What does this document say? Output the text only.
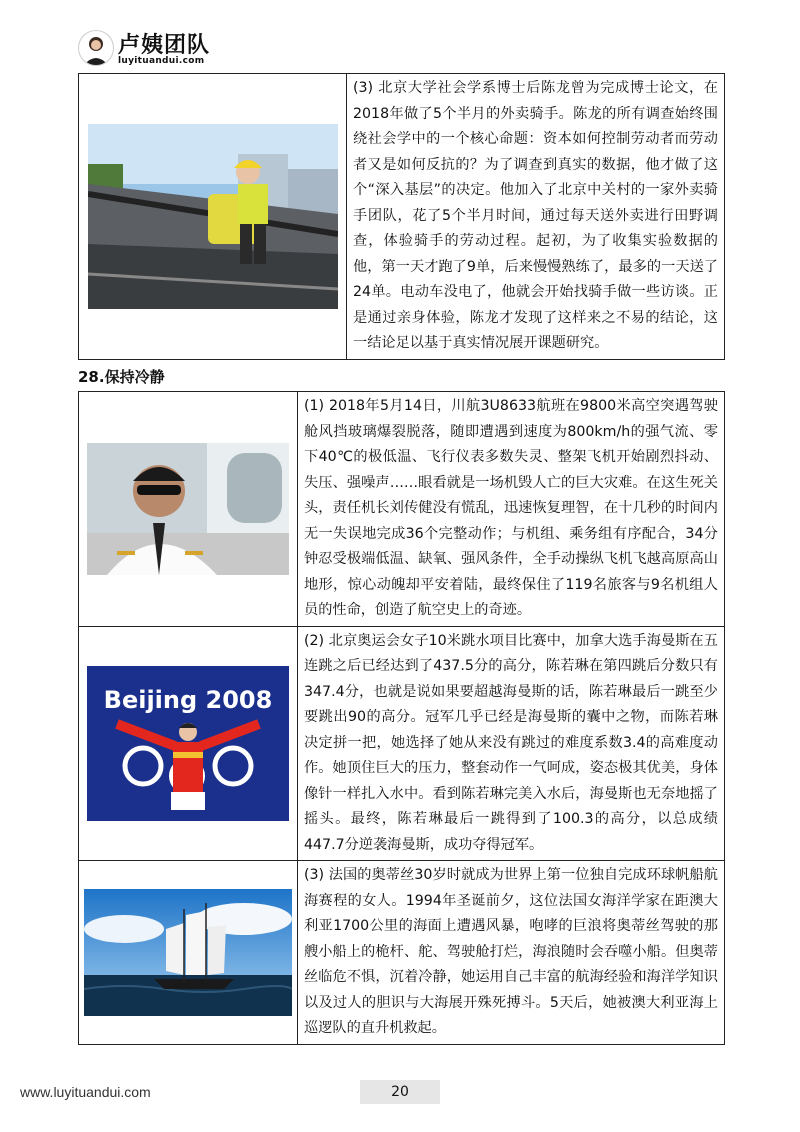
卢姨团队
luyituandui.com
	(3) 北京大学社会学系博士后陈龙曾为完成博士论文，在2018年做了5个半月的外卖骑手。陈龙的所有调查始终围绕社会学中的一个核心命题：资本如何控制劳动者而劳动者又是如何反抗的？为了调查到真实的数据，他才做了这个“深入基层”的决定。他加入了北京中关村的一家外卖骑手团队，花了5个半月时间，通过每天送外卖进行田野调查，体验骑手的劳动过程。起初，为了收集实验数据的他，第一天才跑了9单，后来慢慢熟练了，最多的一天送了24单。电动车没电了，他就会开始找骑手做一些访谈。正是通过亲身体验，陈龙才发现了这样来之不易的结论，这一结论足以基于真实情况展开课题研究。
28.保持冷静
	(1) 2018年5月14日，川航3U8633航班在9800米高空突遇驾驶舱风挡玻璃爆裂脱落，随即遭遇到速度为800km/h的强气流、零下40℃的极低温、飞行仪表多数失灵、整架飞机开始剧烈抖动、失压、强噪声……眼看就是一场机毁人亡的巨大灾难。在这生死关头，责任机长刘传健没有慌乱，迅速恢复理智，在十几秒的时间内无一失误地完成36个完整动作；与机组、乘务组有序配合，34分钟忍受极端低温、缺氧、强风条件，全手动操纵飞机飞越高原高山地形，惊心动魄却平安着陆，最终保住了119名旅客与9名机组人员的性命，创造了航空史上的奇迹。

Beijing 2008	(2) 北京奥运会女子10米跳水项目比赛中，加拿大选手海曼斯在五连跳之后已经达到了437.5分的高分，陈若琳在第四跳后分数只有347.4分，也就是说如果要超越海曼斯的话，陈若琳最后一跳至少要跳出90的高分。冠军几乎已经是海曼斯的囊中之物，而陈若琳决定拼一把，她选择了她从来没有跳过的难度系数3.4的高难度动作。她顶住巨大的压力，整套动作一气呵成，姿态极其优美，身体像针一样扎入水中。看到陈若琳完美入水后，海曼斯也无奈地摇了摇头。最终，陈若琳最后一跳得到了100.3的高分，以总成绩447.7分逆袭海曼斯，成功夺得冠军。

	(3) 法国的奥蒂丝30岁时就成为世界上第一位独自完成环球帆船航海赛程的女人。1994年圣诞前夕，这位法国女海洋学家在距澳大利亚1700公里的海面上遭遇风暴，咆哮的巨浪将奥蒂丝驾驶的那艘小船上的桅杆、舵、驾驶舱打烂，海浪随时会吞噬小船。但奥蒂丝临危不惧，沉着冷静，她运用自己丰富的航海经验和海洋学知识以及过人的胆识与大海展开殊死搏斗。5天后，她被澳大利亚海上巡逻队的直升机救起。
www.luyituandui.com	20
